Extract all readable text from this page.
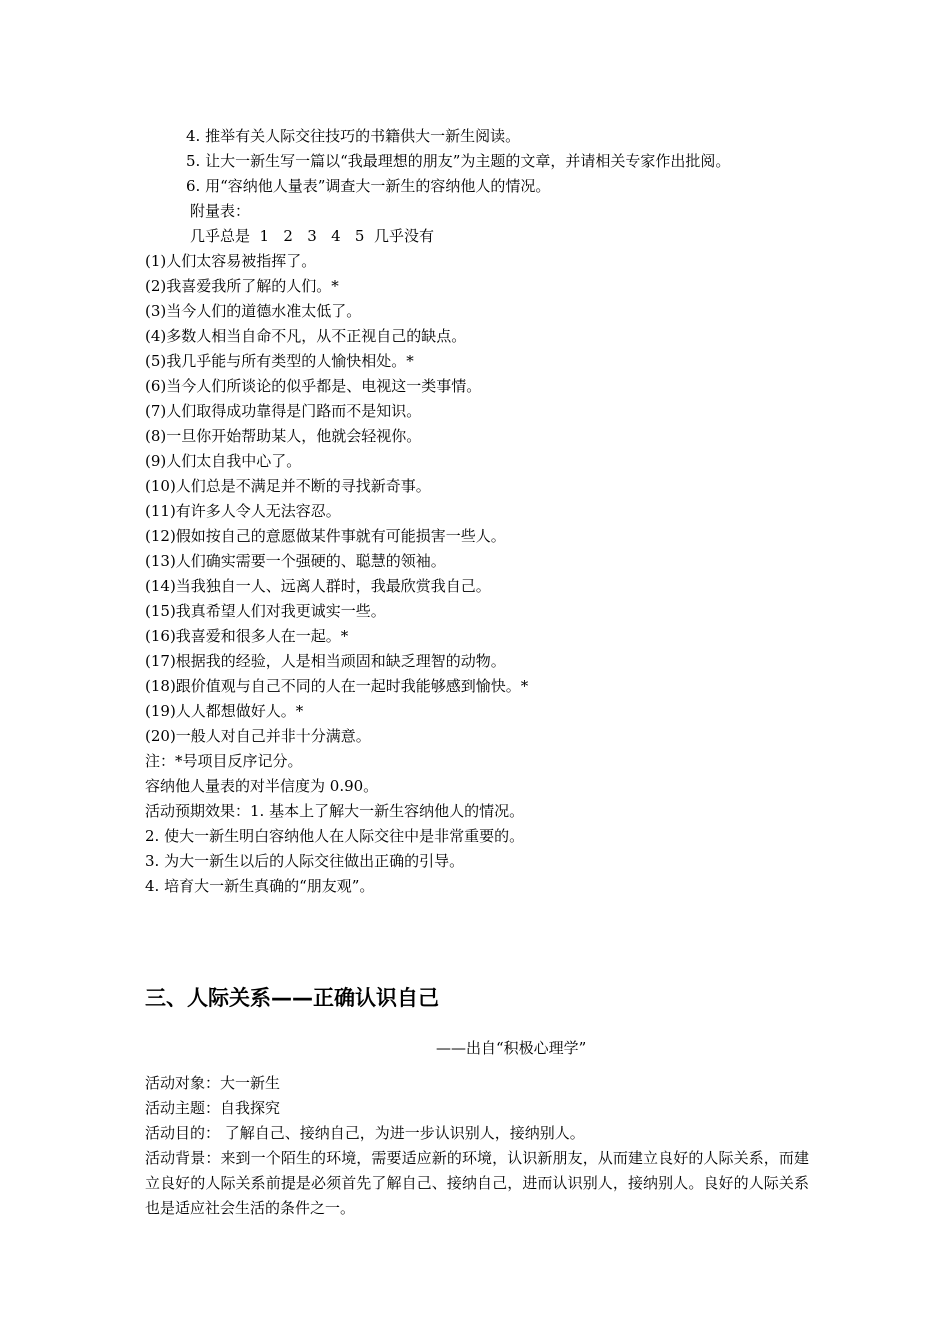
4. 推举有关人际交往技巧的书籍供大一新生阅读。
5. 让大一新生写一篇以“我最理想的朋友”为主题的文章，并请相关专家作出批阅。
6. 用“容纳他人量表”调查大一新生的容纳他人的情况。
附量表：
几乎总是  1   2   3   4   5  几乎没有
(1)人们太容易被指挥了。
(2)我喜爱我所了解的人们。*
(3)当今人们的道德水准太低了。
(4)多数人相当自命不凡，从不正视自己的缺点。
(5)我几乎能与所有类型的人愉快相处。*
(6)当今人们所谈论的似乎都是、电视这一类事情。
(7)人们取得成功靠得是门路而不是知识。
(8)一旦你开始帮助某人，他就会轻视你。
(9)人们太自我中心了。
(10)人们总是不满足并不断的寻找新奇事。
(11)有许多人令人无法容忍。
(12)假如按自己的意愿做某件事就有可能损害一些人。
(13)人们确实需要一个强硬的、聪慧的领袖。
(14)当我独自一人、远离人群时，我最欣赏我自己。
(15)我真希望人们对我更诚实一些。
(16)我喜爱和很多人在一起。*
(17)根据我的经验，人是相当顽固和缺乏理智的动物。
(18)跟价值观与自己不同的人在一起时我能够感到愉快。*
(19)人人都想做好人。*
(20)一般人对自己并非十分满意。
注：*号项目反序记分。
容纳他人量表的对半信度为 0.90。
活动预期效果：1. 基本上了解大一新生容纳他人的情况。
2. 使大一新生明白容纳他人在人际交往中是非常重要的。
3. 为大一新生以后的人际交往做出正确的引导。
4. 培育大一新生真确的“朋友观”。
三、人际关系——正确认识自己
——出自“积极心理学”
活动对象：大一新生
活动主题：自我探究
活动目的： 了解自己、接纳自己，为进一步认识别人，接纳别人。
活动背景：来到一个陌生的环境，需要适应新的环境，认识新朋友，从而建立良好的人际关系，而建立良好的人际关系前提是必须首先了解自己、接纳自己，进而认识别人，接纳别人。良好的人际关系也是适应社会生活的条件之一。
